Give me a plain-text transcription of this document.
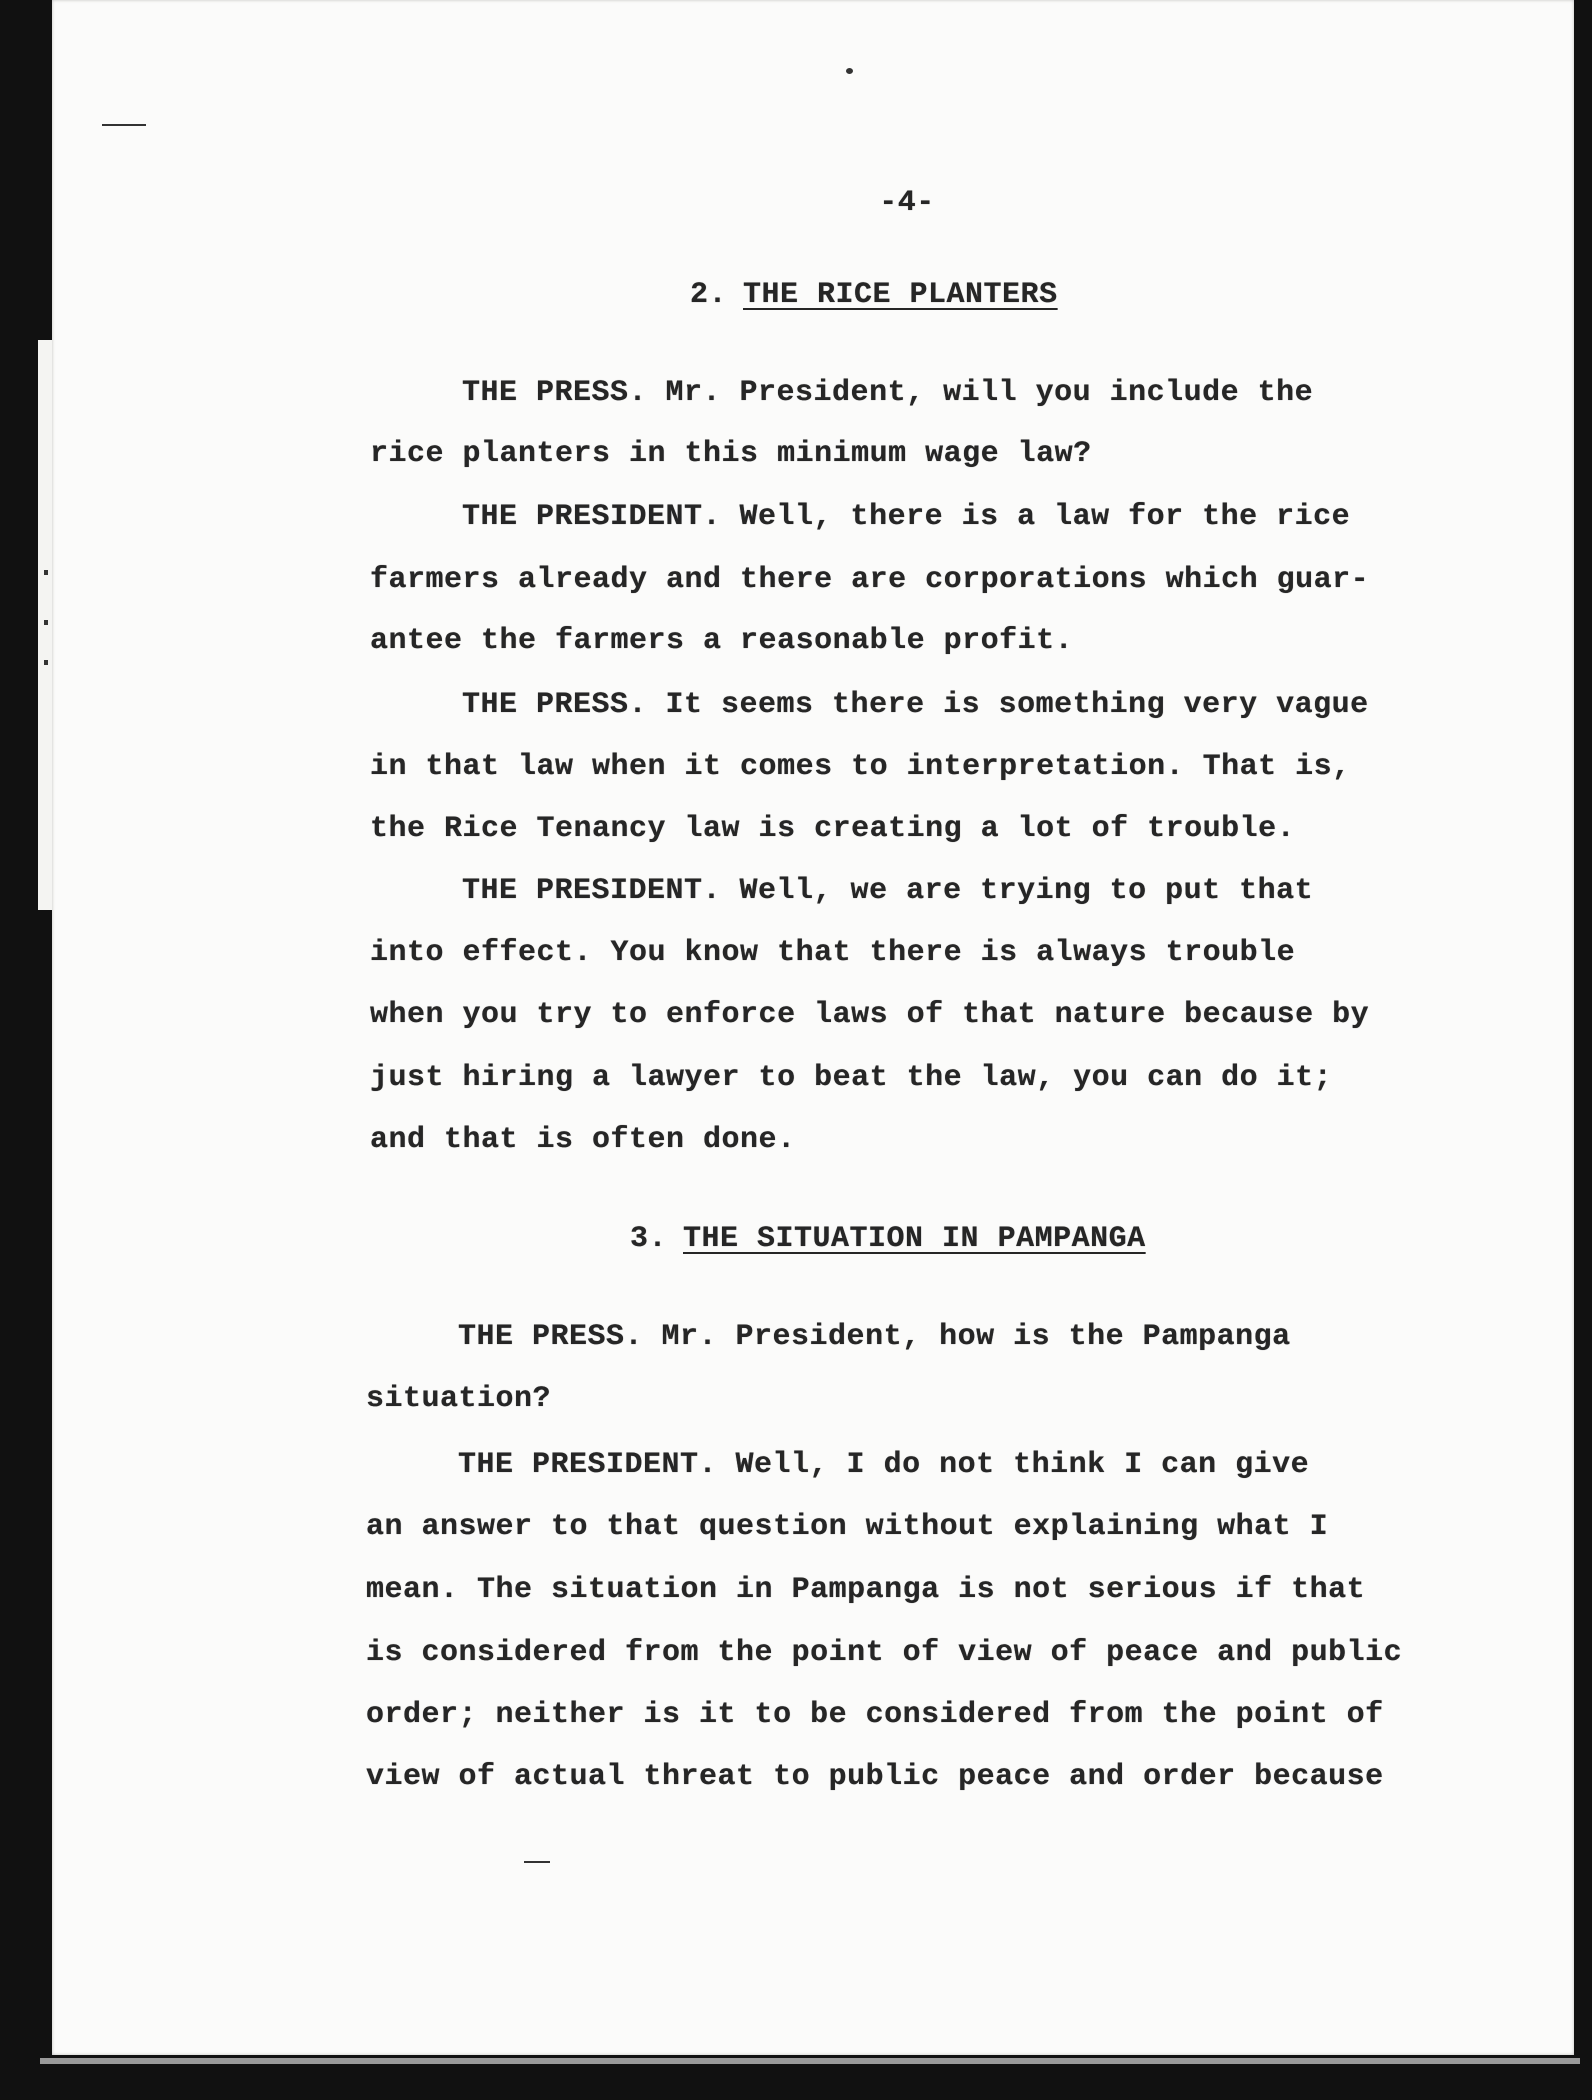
-4-
2. THE RICE PLANTERS
THE PRESS. Mr. President, will you include the
rice planters in this minimum wage law?
THE PRESIDENT. Well, there is a law for the rice
farmers already and there are corporations which guar-
antee the farmers a reasonable profit.
THE PRESS. It seems there is something very vague
in that law when it comes to interpretation. That is,
the Rice Tenancy law is creating a lot of trouble.
THE PRESIDENT. Well, we are trying to put that
into effect. You know that there is always trouble
when you try to enforce laws of that nature because by
just hiring a lawyer to beat the law, you can do it;
and that is often done.
3. THE SITUATION IN PAMPANGA
THE PRESS. Mr. President, how is the Pampanga
situation?
THE PRESIDENT. Well, I do not think I can give
an answer to that question without explaining what I
mean. The situation in Pampanga is not serious if that
is considered from the point of view of peace and public
order; neither is it to be considered from the point of
view of actual threat to public peace and order because
